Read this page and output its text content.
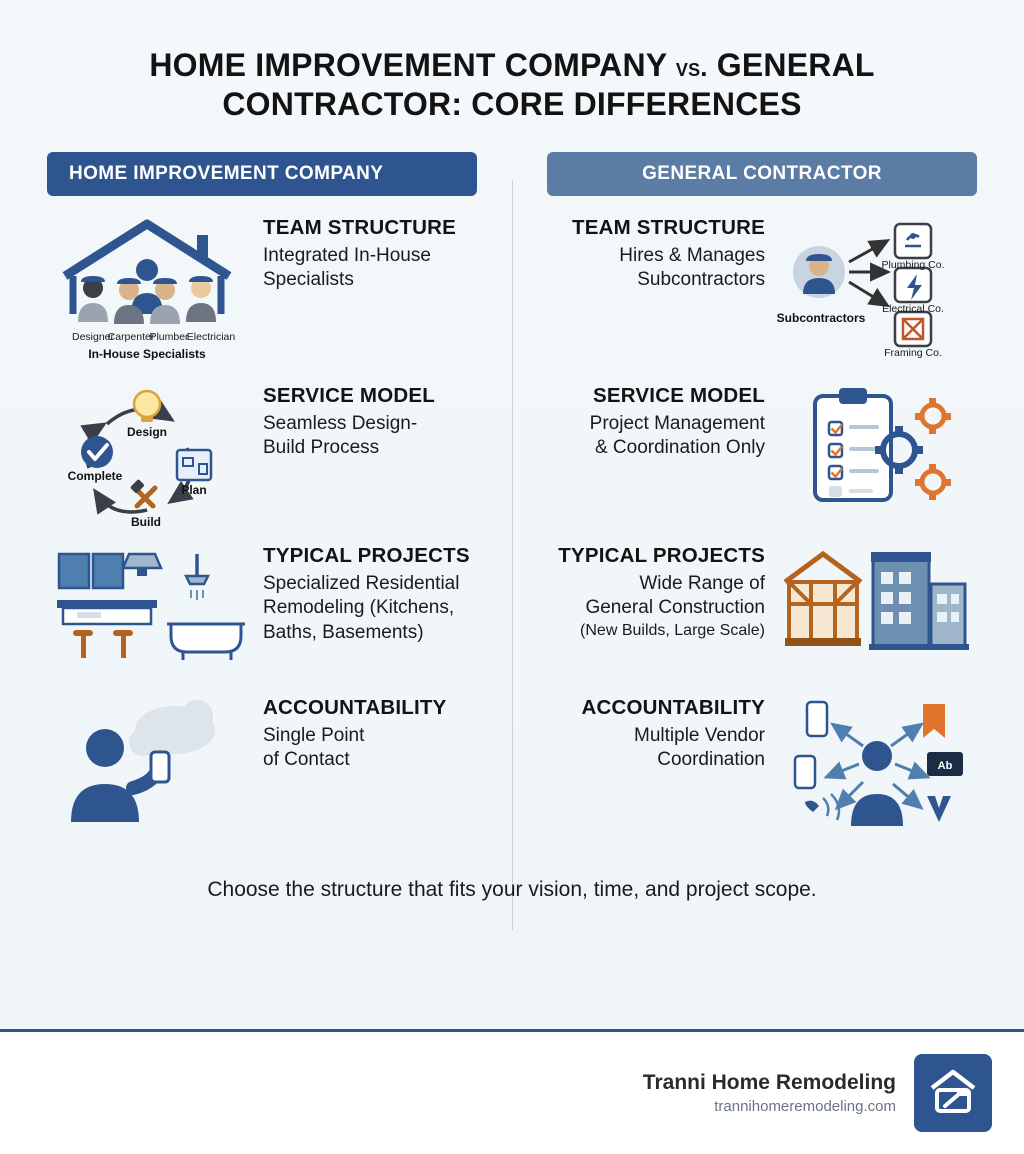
HOME IMPROVEMENT COMPANY vs. GENERAL
CONTRACTOR: CORE DIFFERENCES
HOME IMPROVEMENT COMPANY	GENERAL CONTRACTOR
Designer
Carpenter
Plumber
Electrician
In-House Specialists
TEAM STRUCTURE
Integrated In-House
Specialists
TEAM STRUCTURE
Hires & Manages
Subcontractors
Plumbing Co.
Electrical Co.
Framing Co.
Subcontractors
Design
Plan
Build
Complete
SERVICE MODEL
Seamless Design-
Build Process
SERVICE MODEL
Project Management
& Coordination Only
TYPICAL PROJECTS
Specialized Residential
Remodeling (Kitchens,
Baths, Basements)
TYPICAL PROJECTS
Wide Range of
General Construction
(New Builds, Large Scale)
ACCOUNTABILITY
Single Point
of Contact
ACCOUNTABILITY
Multiple Vendor
Coordination	Ab
Choose the structure that fits your vision, time, and project scope.
Tranni Home Remodeling
trannihomeremodeling.com
